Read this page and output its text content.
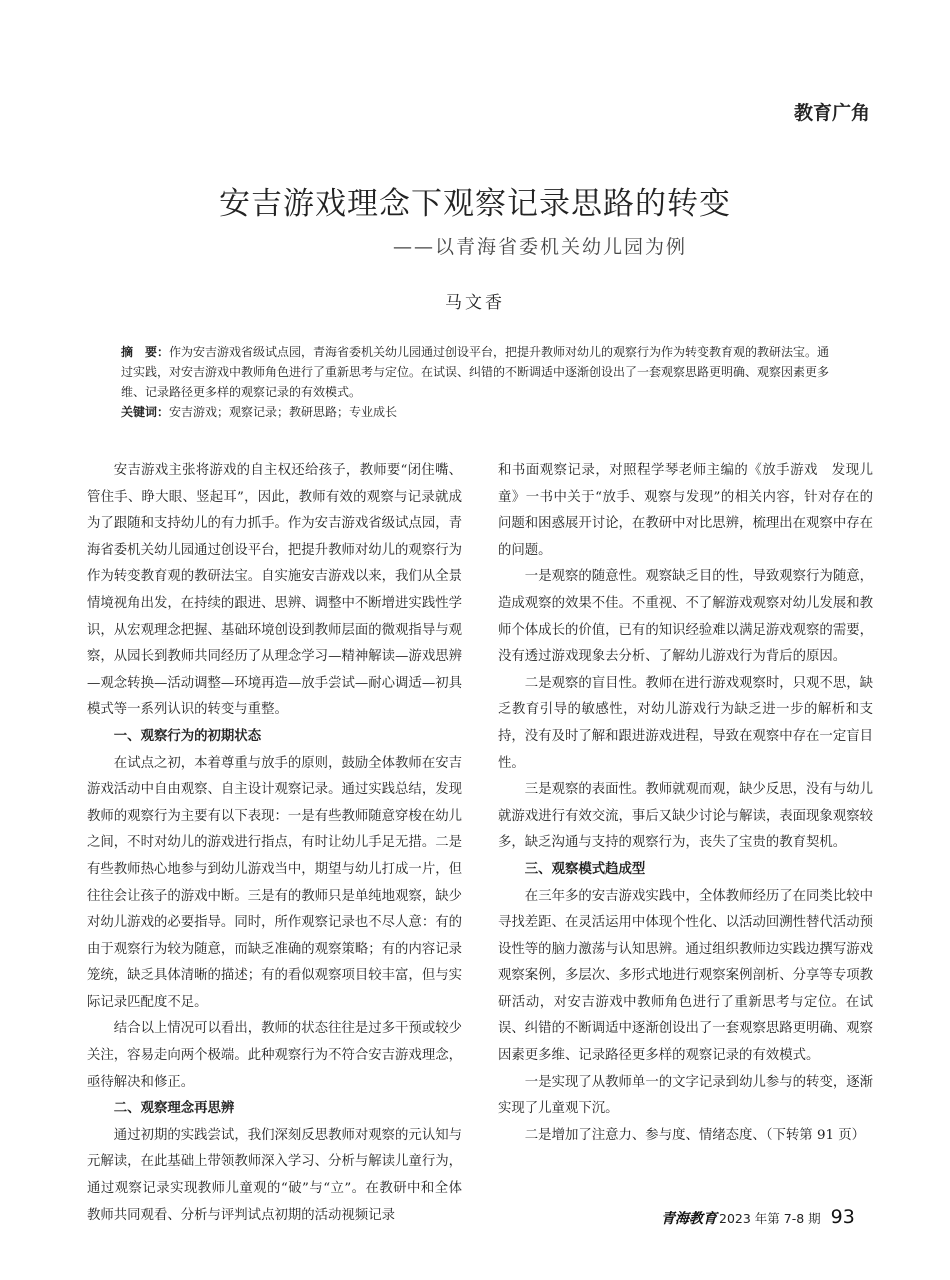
教育广角
安吉游戏理念下观察记录思路的转变
——以青海省委机关幼儿园为例
马文香

摘　要：作为安吉游戏省级试点园，青海省委机关幼儿园通过创设平台，把提升教师对幼儿的观察行为作为转变教育观的教研法宝。通过实践，对安吉游戏中教师角色进行了重新思考与定位。在试误、纠错的不断调适中逐渐创设出了一套观察思路更明确、观察因素更多维、记录路径更多样的观察记录的有效模式。

关键词：安吉游戏；观察记录；教研思路；专业成长

安吉游戏主张将游戏的自主权还给孩子，教师要“闭住嘴、管住手、睁大眼、竖起耳”，因此，教师有效的观察与记录就成为了跟随和支持幼儿的有力抓手。作为安吉游戏省级试点园，青海省委机关幼儿园通过创设平台，把提升教师对幼儿的观察行为作为转变教育观的教研法宝。自实施安吉游戏以来，我们从全景情境视角出发，在持续的跟进、思辨、调整中不断增进实践性学识，从宏观理念把握、基础环境创设到教师层面的微观指导与观察，从园长到教师共同经历了从理念学习—精神解读—游戏思辨—观念转换—活动调整—环境再造—放手尝试—耐心调适—初具模式等一系列认识的转变与重整。

一、观察行为的初期状态

在试点之初，本着尊重与放手的原则，鼓励全体教师在安吉游戏活动中自由观察、自主设计观察记录。通过实践总结，发现教师的观察行为主要有以下表现：一是有些教师随意穿梭在幼儿之间，不时对幼儿的游戏进行指点，有时让幼儿手足无措。二是有些教师热心地参与到幼儿游戏当中，期望与幼儿打成一片，但往往会让孩子的游戏中断。三是有的教师只是单纯地观察，缺少对幼儿游戏的必要指导。同时，所作观察记录也不尽人意：有的由于观察行为较为随意，而缺乏准确的观察策略；有的内容记录笼统，缺乏具体清晰的描述；有的看似观察项目较丰富，但与实际记录匹配度不足。

结合以上情况可以看出，教师的状态往往是过多干预或较少关注，容易走向两个极端。此种观察行为不符合安吉游戏理念，亟待解决和修正。

二、观察理念再思辨

通过初期的实践尝试，我们深刻反思教师对观察的元认知与元解读，在此基础上带领教师深入学习、分析与解读儿童行为，通过观察记录实现教师儿童观的“破”与“立”。在教研中和全体教师共同观看、分析与评判试点初期的活动视频记录

和书面观察记录，对照程学琴老师主编的《放手游戏　发现儿童》一书中关于“放手、观察与发现”的相关内容，针对存在的问题和困惑展开讨论，在教研中对比思辨，梳理出在观察中存在的问题。

一是观察的随意性。观察缺乏目的性，导致观察行为随意，造成观察的效果不佳。不重视、不了解游戏观察对幼儿发展和教师个体成长的价值，已有的知识经验难以满足游戏观察的需要，没有透过游戏现象去分析、了解幼儿游戏行为背后的原因。

二是观察的盲目性。教师在进行游戏观察时，只观不思，缺乏教育引导的敏感性，对幼儿游戏行为缺乏进一步的解析和支持，没有及时了解和跟进游戏进程，导致在观察中存在一定盲目性。

三是观察的表面性。教师就观而观，缺少反思，没有与幼儿就游戏进行有效交流，事后又缺少讨论与解读，表面现象观察较多，缺乏沟通与支持的观察行为，丧失了宝贵的教育契机。

三、观察模式趋成型

在三年多的安吉游戏实践中，全体教师经历了在同类比较中寻找差距、在灵活运用中体现个性化、以活动回溯性替代活动预设性等的脑力激荡与认知思辨。通过组织教师边实践边撰写游戏观察案例，多层次、多形式地进行观察案例剖析、分享等专项教研活动，对安吉游戏中教师角色进行了重新思考与定位。在试误、纠错的不断调适中逐渐创设出了一套观察思路更明确、观察因素更多维、记录路径更多样的观察记录的有效模式。

一是实现了从教师单一的文字记录到幼儿参与的转变，逐渐实现了儿童观下沉。

二是增加了注意力、参与度、情绪态度、（下转第 91 页）

青海教育 2023 年第 7-8 期 93
